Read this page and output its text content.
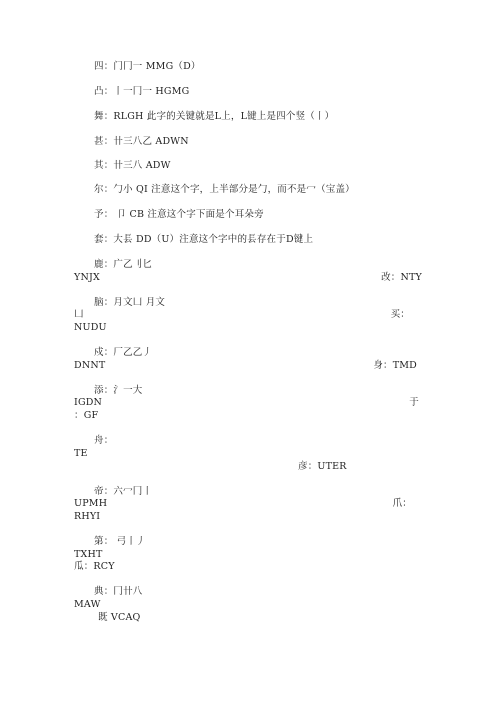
四：门冂一 MMG（D）
凸：丨一冂一 HGMG
舞：RLGH 此字的关键就是L上，L键上是四个竖（丨）
甚：卄三八乙 ADWN
其：卄三八 ADW
尔：勹小 QI 注意这个字，上半部分是勹，而不是冖（宝盖）
予： 卩 CB 注意这个字下面是个耳朵旁
套：大镸 DD（U）注意这个字中的镸存在于D键上
鹿：广乙刂匕
YNJX	改：NTY
脑：月文凵 月文
凵	买：
NUDU
戍：厂乙乙丿
DNNT	身：TMD
添：氵一大
IGDN	于
：GF
舟：
TE
彦：UTER
帝：六冖冂丨
UPMH	爪：
RHYI
第： 弓丨丿
TXHT
瓜：RCY
典：冂卄八
MAW
既 VCAQ
